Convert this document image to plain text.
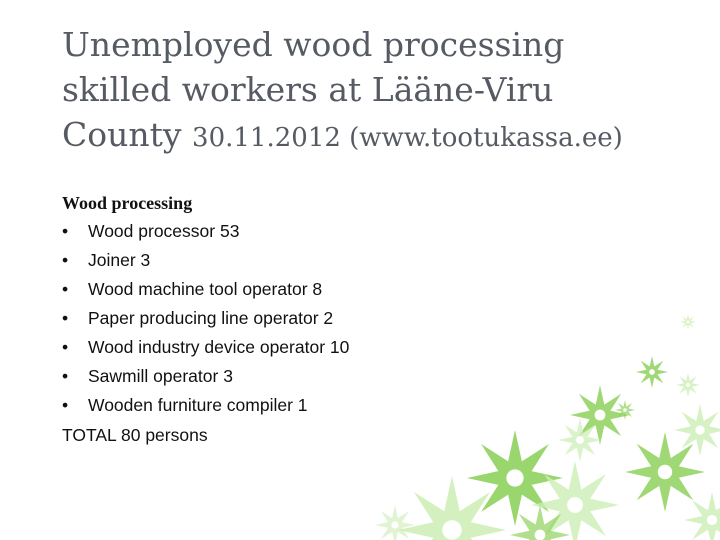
Unemployed wood processing
skilled workers at Lääne-Viru
County 30.11.2012 (www.tootukassa.ee)
Wood processing
•	Wood processor 53
•	Joiner 3
•	Wood machine tool operator 8
•	Paper producing line operator 2
•	Wood industry device operator 10
•	Sawmill operator 3
•	Wooden furniture compiler 1
TOTAL 80 persons
